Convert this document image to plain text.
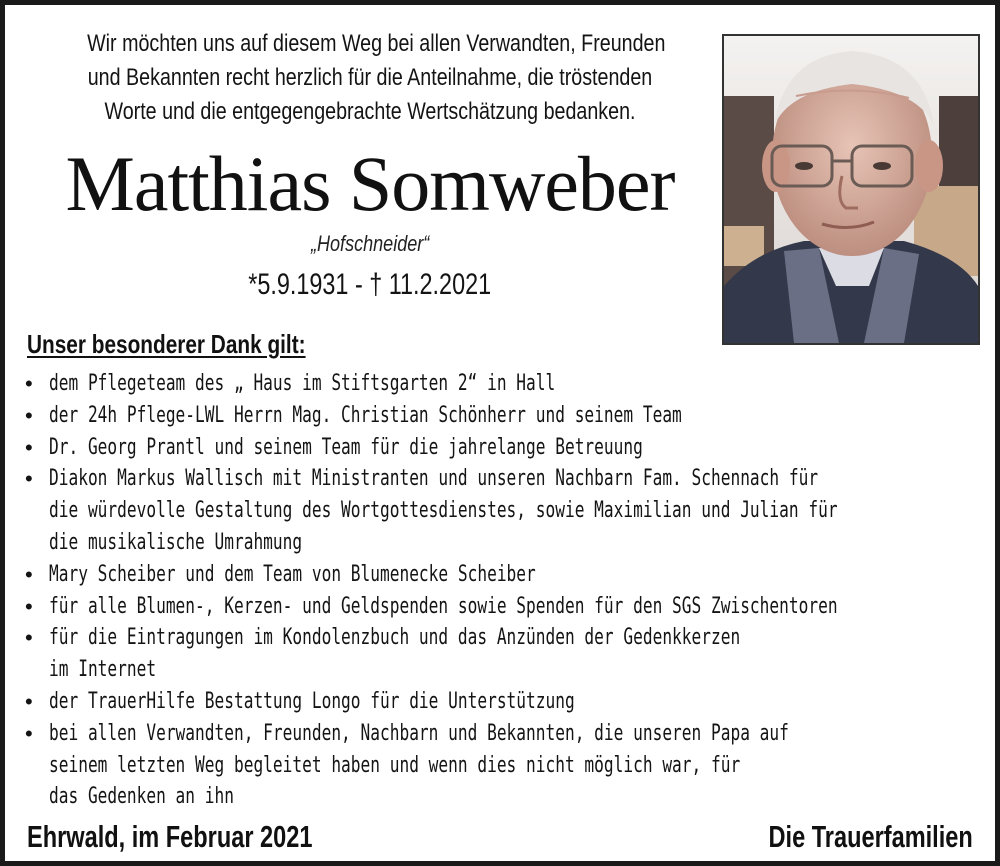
Wir möchten uns auf diesem Weg bei allen Verwandten, Freunden
und Bekannten recht herzlich für die Anteilnahme, die tröstenden
Worte und die entgegengebrachte Wertschätzung bedanken.
Matthias Somweber
„Hofschneider“
*5.9.1931 - † 11.2.2021
Unser besonderer Dank gilt:
• dem Pflegeteam des „ Haus im Stiftsgarten 2“ in Hall
• der 24h Pflege-LWL Herrn Mag. Christian Schönherr und seinem Team
• Dr. Georg Prantl und seinem Team für die jahrelange Betreuung
• Diakon Markus Wallisch mit Ministranten und unseren Nachbarn Fam. Schennach für
die würdevolle Gestaltung des Wortgottesdienstes, sowie Maximilian und Julian für
die musikalische Umrahmung
• Mary Scheiber und dem Team von Blumenecke Scheiber
• für alle Blumen-, Kerzen- und Geldspenden sowie Spenden für den SGS Zwischentoren
• für die Eintragungen im Kondolenzbuch und das Anzünden der Gedenkkerzen
im Internet
• der TrauerHilfe Bestattung Longo für die Unterstützung
• bei allen Verwandten, Freunden, Nachbarn und Bekannten, die unseren Papa auf
seinem letzten Weg begleitet haben und wenn dies nicht möglich war, für
das Gedenken an ihn
Ehrwald, im Februar 2021	Die Trauerfamilien
